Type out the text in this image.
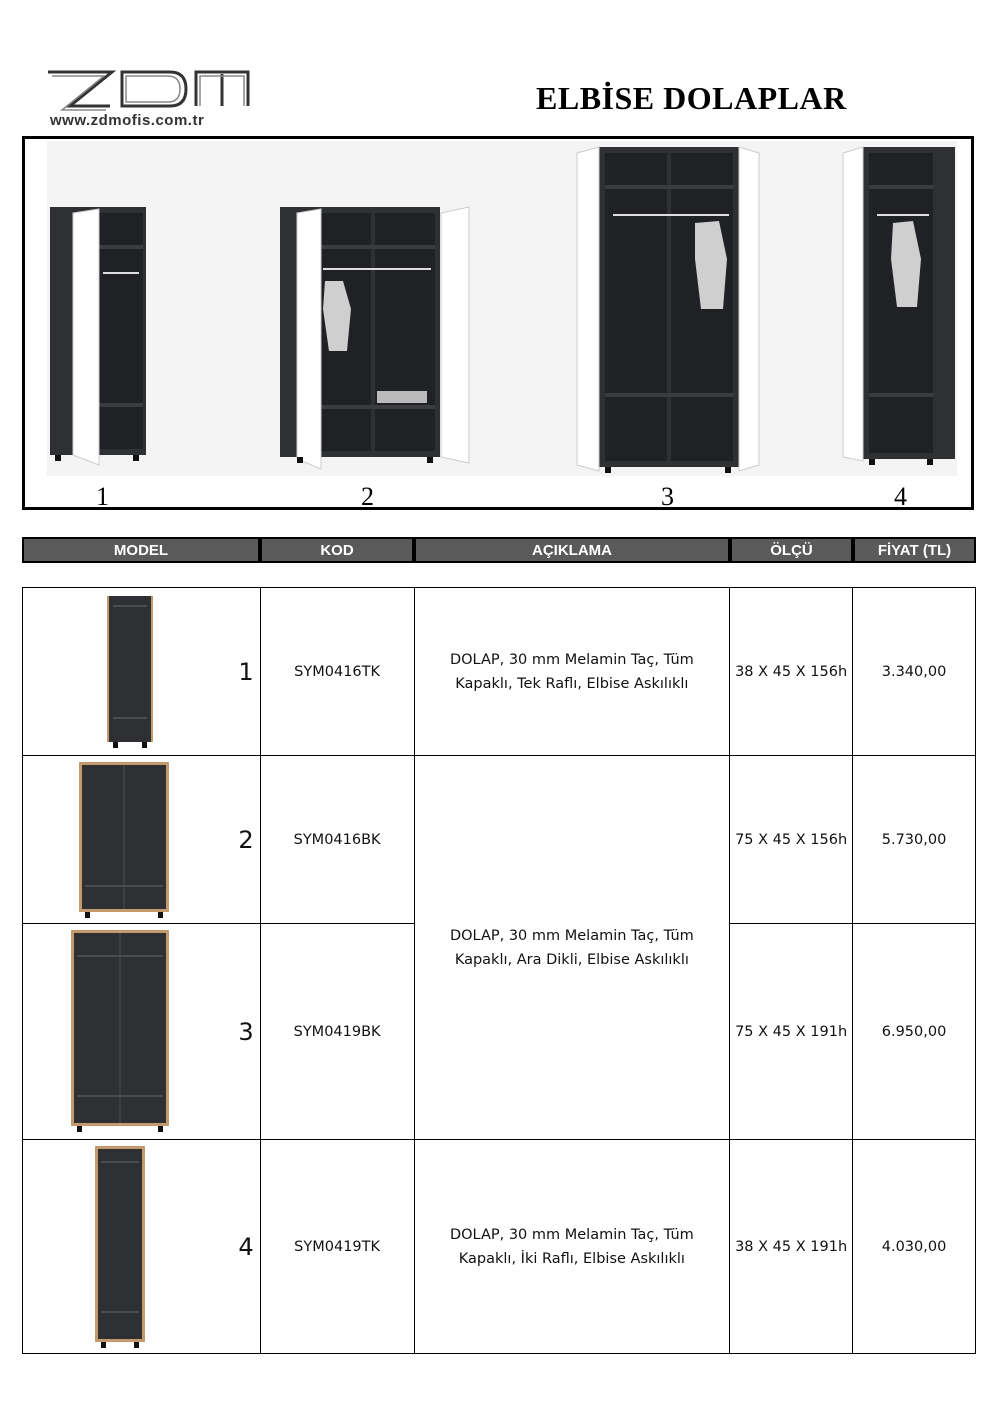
www.zdmofis.com.tr
ELBİSE DOLAPLAR
1	2	3	4
MODEL	KOD	AÇIKLAMA	ÖLÇÜ	FİYAT (TL)
1	SYM0416TK	DOLAP, 30 mm Melamin Taç, Tüm
Kapaklı, Tek Raflı, Elbise Askılıklı	38 X 45 X 156h	3.340,00

2	SYM0416BK	DOLAP, 30 mm Melamin Taç, Tüm
Kapaklı, Ara Dikli, Elbise Askılıklı	75 X 45 X 156h	5.730,00

3	SYM0419BK		75 X 45 X 191h	6.950,00

4	SYM0419TK	DOLAP, 30 mm Melamin Taç, Tüm
Kapaklı, İki Raflı, Elbise Askılıklı	38 X 45 X 191h	4.030,00
